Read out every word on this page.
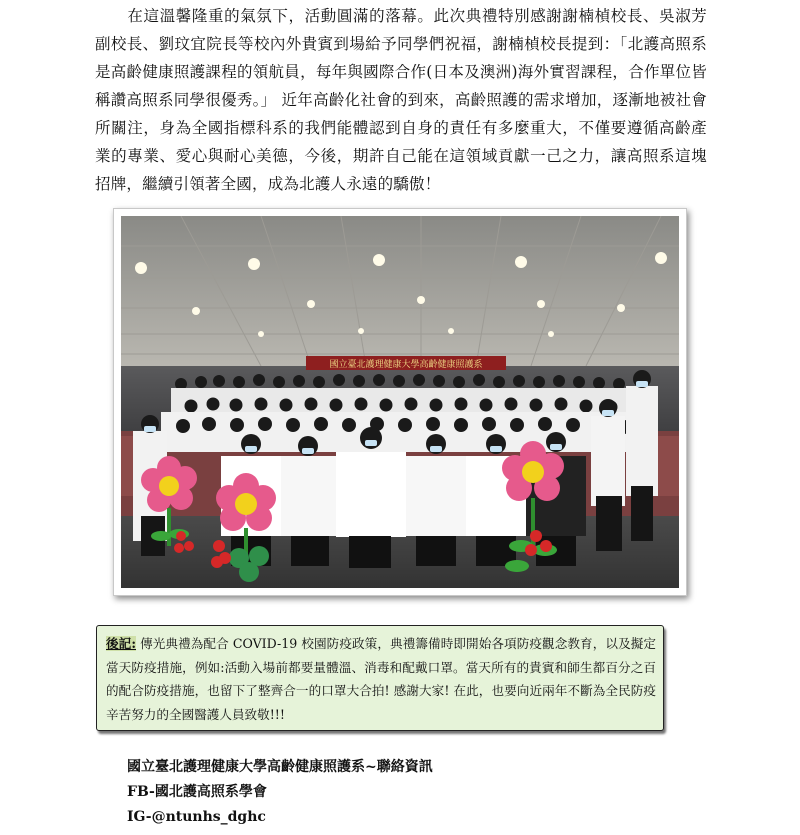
在這溫馨隆重的氣氛下，活動圓滿的落幕。此次典禮特別感謝謝楠楨校長、吳淑芳副校長、劉玟宜院長等校內外貴賓到場給予同學們祝福，謝楠楨校長提到：「北護高照系是高齡健康照護課程的領航員，每年與國際合作(日本及澳洲)海外實習課程，合作單位皆稱讚高照系同學很優秀。」 近年高齡化社會的到來，高齡照護的需求增加，逐漸地被社會所關注，身為全國指標科系的我們能體認到自身的責任有多麼重大，不僅要遵循高齡產業的專業、愛心與耐心美德，今後，期許自己能在這領域貢獻一己之力，讓高照系這塊招牌，繼續引領著全國，成為北護人永遠的驕傲！

國立臺北護理健康大學高齡健康照護系

後記: 傳光典禮為配合 COVID-19 校園防疫政策，典禮籌備時即開始各項防疫觀念教育，以及擬定當天防疫措施，例如:活動入場前都要量體溫、消毒和配戴口罩。當天所有的貴賓和師生都百分之百的配合防疫措施，也留下了整齊合一的口罩大合拍! 感謝大家! 在此，也要向近兩年不斷為全民防疫辛苦努力的全國醫護人員致敬!!!

國立臺北護理健康大學高齡健康照護系~聯絡資訊
FB-國北護高照系學會
IG-@ntunhs_dghc
